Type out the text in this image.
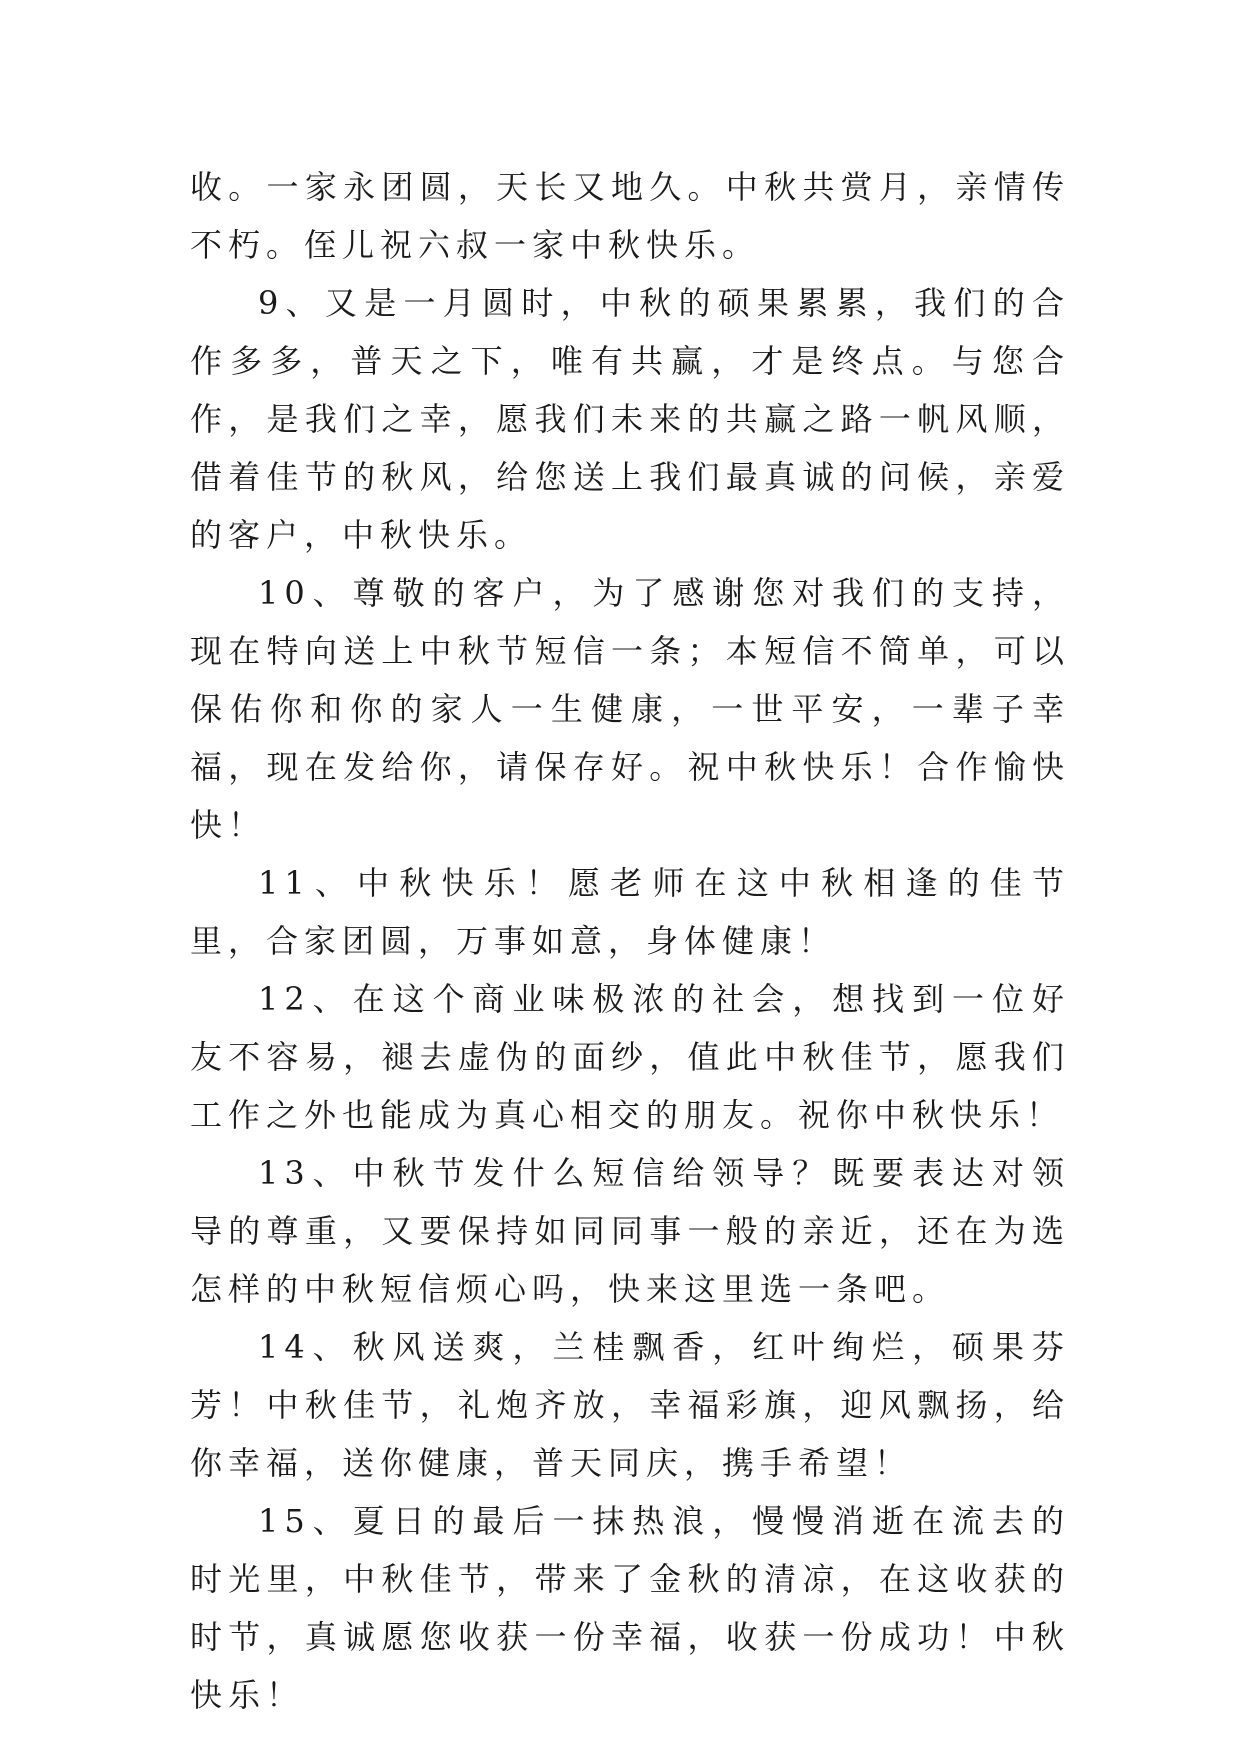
收。一家永团圆，天长又地久。中秋共赏月，亲情传不朽。侄儿祝六叔一家中秋快乐。

9、又是一月圆时，中秋的硕果累累，我们的合作多多，普天之下，唯有共赢，才是终点。与您合作，是我们之幸，愿我们未来的共赢之路一帆风顺，借着佳节的秋风，给您送上我们最真诚的问候，亲爱的客户，中秋快乐。

10、尊敬的客户，为了感谢您对我们的支持，现在特向送上中秋节短信一条；本短信不简单，可以保佑你和你的家人一生健康，一世平安，一辈子幸福，现在发给你，请保存好。祝中秋快乐！合作愉快快！

11、中秋快乐！愿老师在这中秋相逢的佳节里，合家团圆，万事如意，身体健康！

12、在这个商业味极浓的社会，想找到一位好友不容易，褪去虚伪的面纱，值此中秋佳节，愿我们工作之外也能成为真心相交的朋友。祝你中秋快乐！

13、中秋节发什么短信给领导？既要表达对领导的尊重，又要保持如同同事一般的亲近，还在为选怎样的中秋短信烦心吗，快来这里选一条吧。

14、秋风送爽，兰桂飘香，红叶绚烂，硕果芬芳！中秋佳节，礼炮齐放，幸福彩旗，迎风飘扬，给你幸福，送你健康，普天同庆，携手希望！

15、夏日的最后一抹热浪，慢慢消逝在流去的时光里，中秋佳节，带来了金秋的清凉，在这收获的时节，真诚愿您收获一份幸福，收获一份成功！中秋快乐！
